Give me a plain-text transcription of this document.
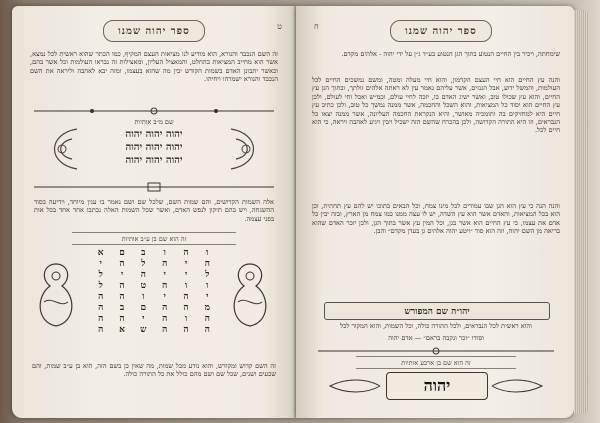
ט
ספר יהוה שמנו
זה השם הנכבד והנורא, הוא מודיע לנו מציאות העצם המקיף, כמו הכתר שהוא ראשית לכל נמצא, אשר הוא מחייב המציאות בהחלט, והמאציל העליון, ומאצילות זה נבראו העולמות וכל אשר בהם, וכאשר יתבונן האדם בשמות הקודש יבין מה שהוא בעצמו, ומזה יבא לאהבה וליראה את השם הנכבד והנורא ישמרהו ויחיהו.
שם מ״ב אותיות
יהוה יהוה יהוה
יהוה יהוה יהוה
יהוה יהוה יהוה
אלה השמות הקדושים, והם שמות השם, שלכל שם ושם נאמר בו ענין מיוחד, וידיעה בסוד ההשגחה, ויש בהם תיקון לנפש האדם, ואשר שכל השמות האלה נכתבו אחד אחד בכל אות בפני עצמה.
זה הוא שם בן ע״ב אותיות
ו
ה
ו
ב
ם
א
ה
י
ה
ל
ה
י
ל
י
י
ה
י
ל
ו
ו
ה
ט
ה
ל
י
ה
י
ו
ה
ה
מ
ה
ה
ם
ב
ה
ה
ו
ה
י
ה
ה
ה
ה
ה
ש
א
ה
זה השם קדוש ומקודש, והוא נודע מכל שמות, מה שאין כן בשם הזה, הוא בן ע״ב שמות, והם שבעים ושנים, שכל שם ושם מהם כולל את כל התורה כולה.
ח	ספר יהוה שמנו
שימחתה, ויכיר בין החיים הנטוע בתוך הגן הנטוע בע״ד ג״ן על ידי יהוה - אלהים מקדם.
והנה עץ החיים הוא חיי העצם הקדמון, והוא חיי מעלה ומטה, ומשם נמשכים החיים לכל העולמות, והמשל ידוע, אבל הגנזים, אשר עליהם נאמר עין לא ראתה אלהים זולתך, ובתוך הגן עץ החיים, והוא עץ שכולו טוב, ואשר ישיג האדם בו, יזכה לחיי עולם, וכמ״ש ואכל וחי לעולם, ולכן עץ החיים הוא יסוד כל המציאות, והוא השכל והחכמה, אשר ממנה נמשך כל טוב, ולכן כתיב עץ חיים היא למחזיקים בה ותומכיה מאושר, והיא הנקראת החכמה העליונה, אשר ממנה יצאו כל הנבראים, וזו היא התורה הקדושה, ולכן בהכרח שהשם הזה ישכיל ויבין ויגיע לאהבה ויראה, כי הוא חיים לכל.
והנה הנה כי עץ הוא הגן שבו עמודים לכל מינו צמח, וכל הבאים בתוכו יש להם עץ תחתית, וכן הוא בכל המציאות, והאדם אשר הוא עץ השדה, יש לו עצה ממנו כמו צמח מן הארץ, ובזה יבין כל אדם את עצמו, כי עץ החיים הוא אשר בגן, וכל המין עץ אשר בתוך הגן, ולכן יזכר האדם שהוא בריאה מן השם יהוה, וזה הוא סוד ״ויטע יהוה אלהים גן בעדן מקדם״ והבן.
יהו״ה שם המפורש
והוא ראשית לכל הנבראים, ולכל התורה כולה, וכל השמות, והוא המקור לכל
וסודו ״זכר ונקבה בראם״ — אדם יהוה
זה הוא שם בן ארבע אותיות
יהוה
